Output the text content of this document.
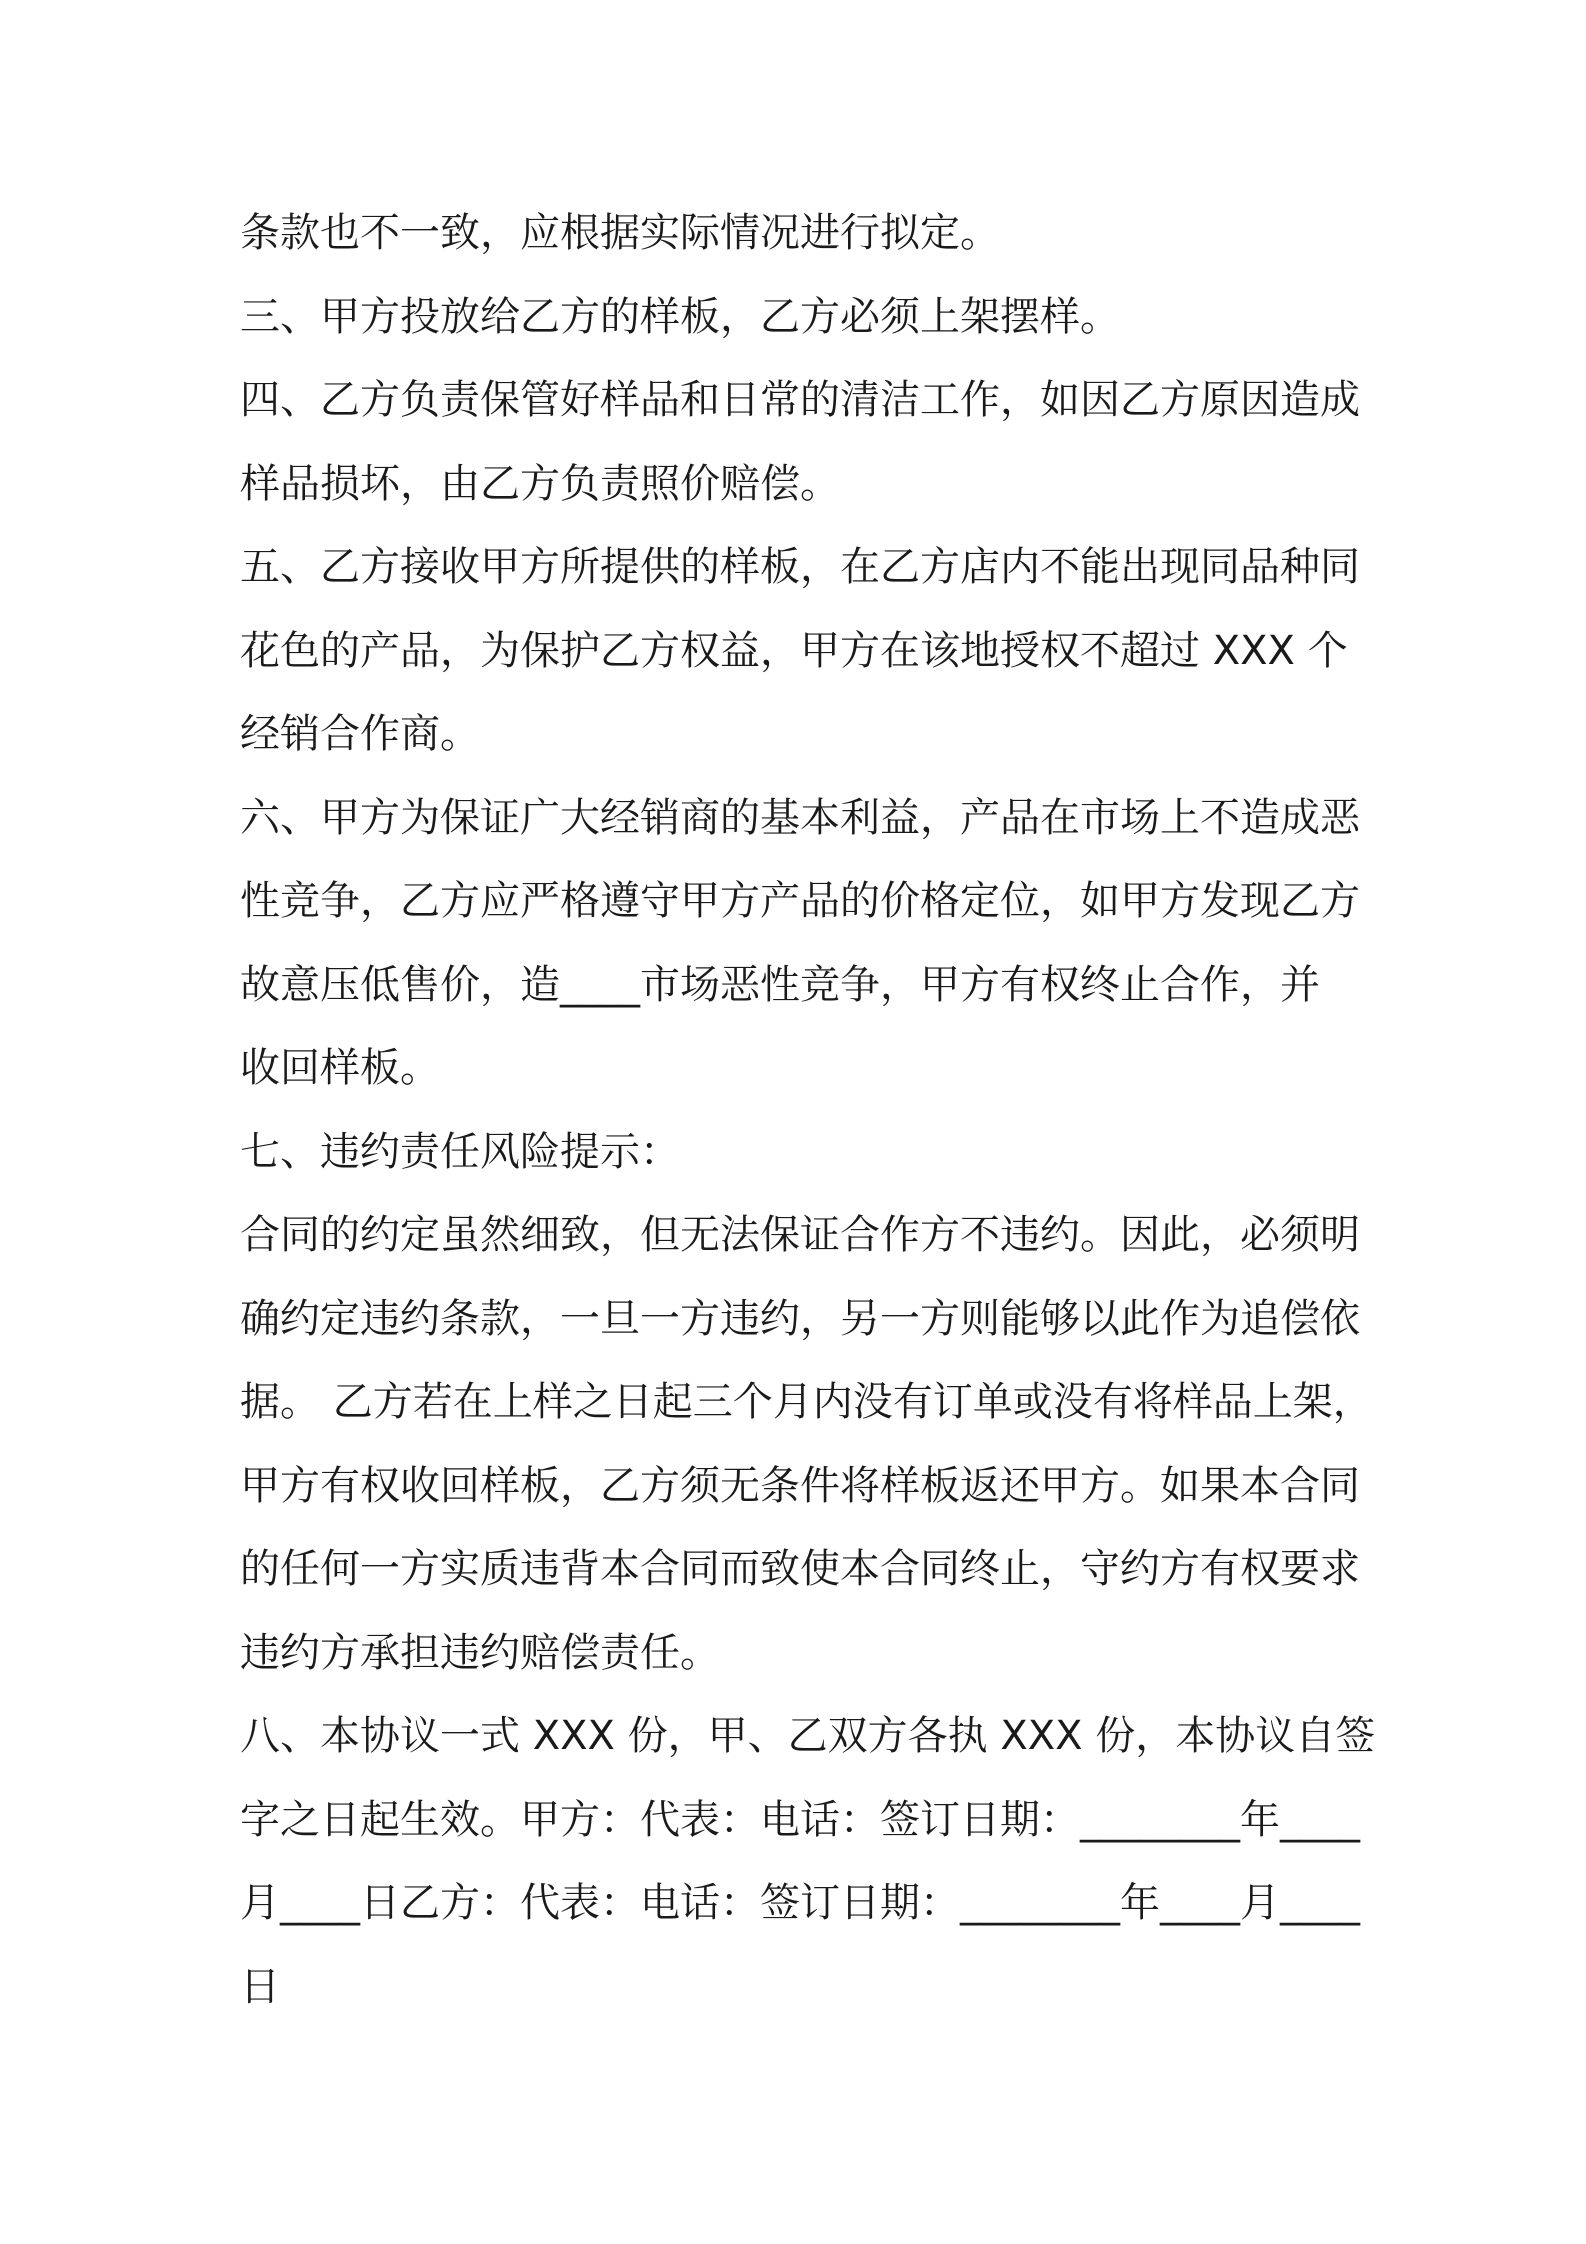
条款也不一致，应根据实际情况进行拟定。

三、甲方投放给乙方的样板，乙方必须上架摆样。

四、乙方负责保管好样品和日常的清洁工作，如因乙方原因造成

样品损坏，由乙方负责照价赔偿。

五、乙方接收甲方所提供的样板，在乙方店内不能出现同品种同

花色的产品，为保护乙方权益，甲方在该地授权不超过 XXX 个

经销合作商。

六、甲方为保证广大经销商的基本利益，产品在市场上不造成恶

性竞争，乙方应严格遵守甲方产品的价格定位，如甲方发现乙方

故意压低售价，造____市场恶性竞争，甲方有权终止合作，并

收回样板。

七、违约责任风险提示：

合同的约定虽然细致，但无法保证合作方不违约。因此，必须明

确约定违约条款，一旦一方违约，另一方则能够以此作为追偿依

据。 乙方若在上样之日起三个月内没有订单或没有将样品上架，

甲方有权收回样板，乙方须无条件将样板返还甲方。如果本合同

的任何一方实质违背本合同而致使本合同终止，守约方有权要求

违约方承担违约赔偿责任。

八、本协议一式 XXX 份，甲、乙双方各执 XXX 份，本协议自签

字之日起生效。甲方：代表：电话：签订日期：________年____

月____日乙方：代表：电话：签订日期：________年____月____

日
